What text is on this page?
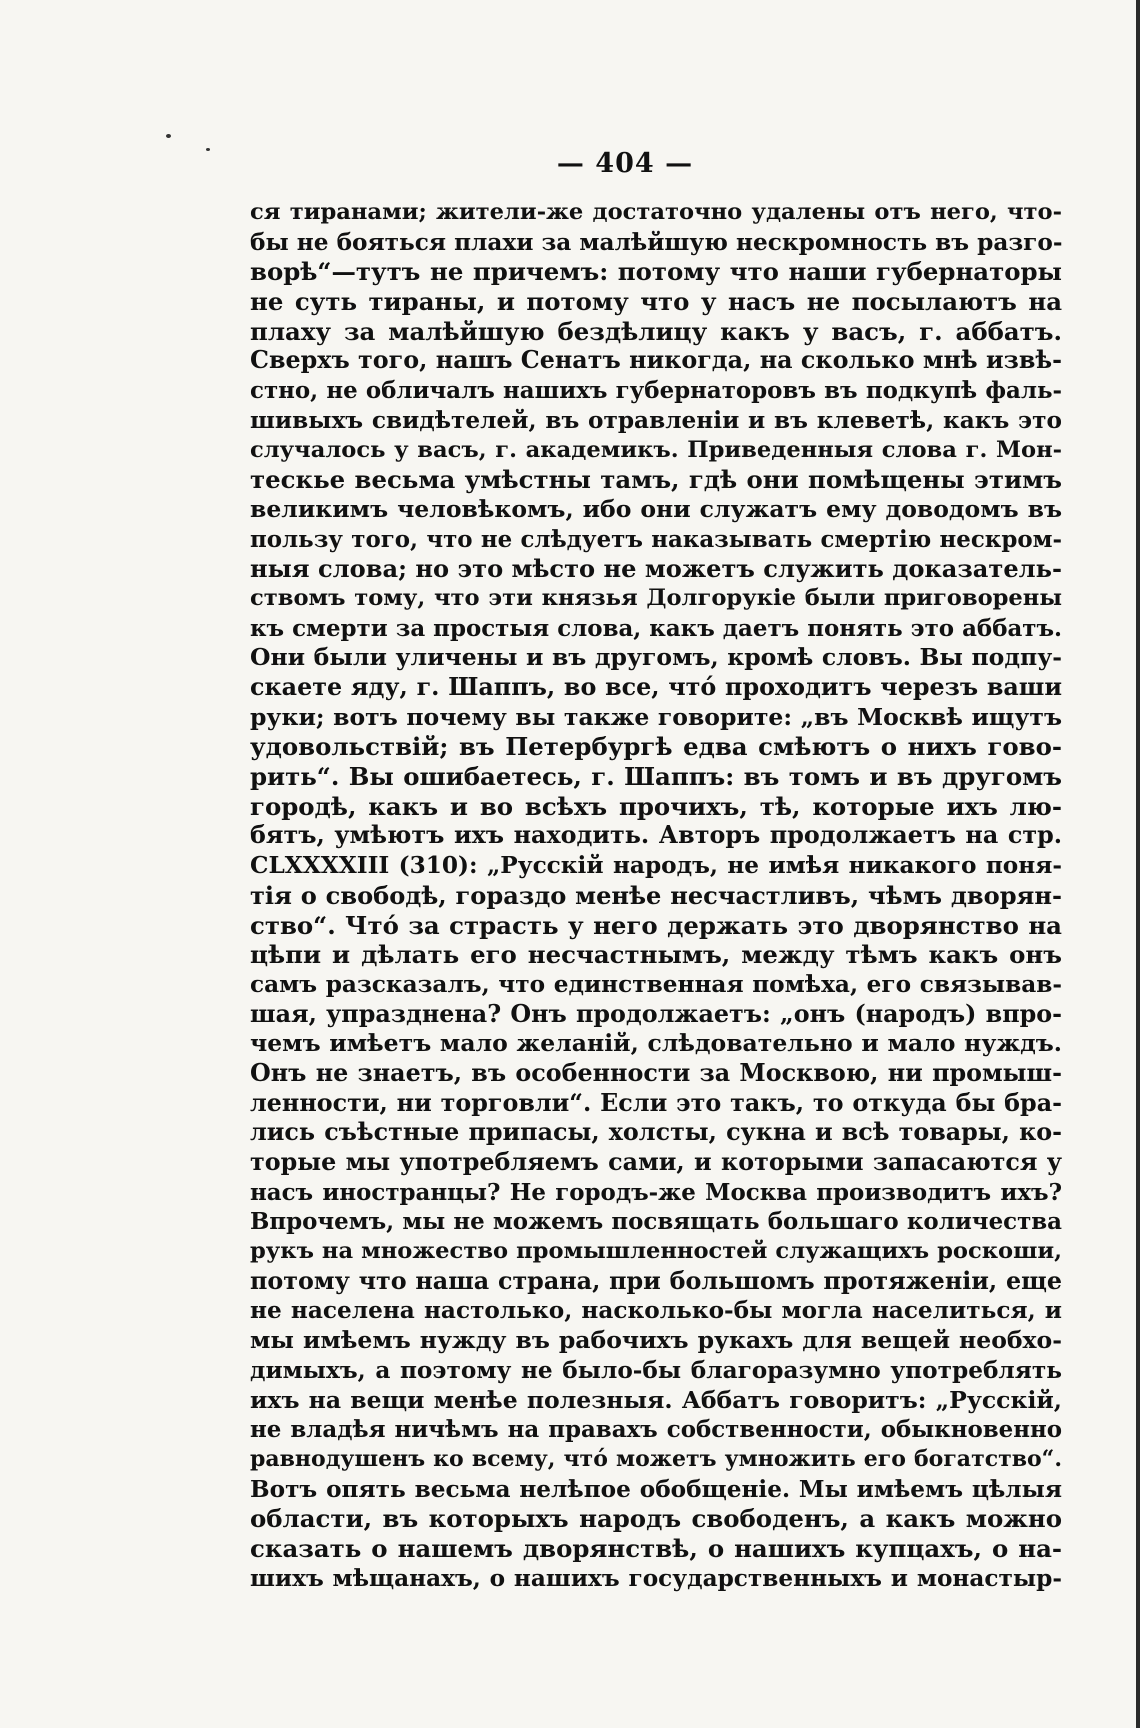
— 404 —
ся тиранами; жители-же достаточно удалены отъ него, что-
бы не бояться плахи за малѣйшую нескромность въ разго-
ворѣ“—тутъ не причемъ: потому что наши губернаторы
не суть тираны, и потому что у насъ не посылаютъ на
плаху за малѣйшую бездѣлицу какъ у васъ, г. аббатъ.
Сверхъ того, нашъ Сенатъ никогда, на сколько мнѣ извѣ-
стно, не обличалъ нашихъ губернаторовъ въ подкупѣ фаль-
шивыхъ свидѣтелей, въ отравленіи и въ клеветѣ, какъ это
случалось у васъ, г. академикъ. Приведенныя слова г. Мон-
тескье весьма умѣстны тамъ, гдѣ они помѣщены этимъ
великимъ человѣкомъ, ибо они служатъ ему доводомъ въ
пользу того, что не слѣдуетъ наказывать смертію нескром-
ныя слова; но это мѣсто не можетъ служить доказатель-
ствомъ тому, что эти князья Долгорукіе были приговорены
къ смерти за простыя слова, какъ даетъ понять это аббатъ.
Они были уличены и въ другомъ, кромѣ словъ. Вы подпу-
скаете яду, г. Шаппъ, во все, что́ проходитъ черезъ ваши
руки; вотъ почему вы также говорите: „въ Москвѣ ищутъ
удовольствій; въ Петербургѣ едва смѣютъ о нихъ гово-
рить“. Вы ошибаетесь, г. Шаппъ: въ томъ и въ другомъ
городѣ, какъ и во всѣхъ прочихъ, тѣ, которые ихъ лю-
бятъ, умѣютъ ихъ находить. Авторъ продолжаетъ на стр.
CLXXXXIII (310): „Русскій народъ, не имѣя никакого поня-
тія о свободѣ, гораздо менѣе несчастливъ, чѣмъ дворян-
ство“. Что́ за страсть у него держать это дворянство на
цѣпи и дѣлать его несчастнымъ, между тѣмъ какъ онъ
самъ разсказалъ, что единственная помѣха, его связывав-
шая, упразднена? Онъ продолжаетъ: „онъ (народъ) впро-
чемъ имѣетъ мало желаній, слѣдовательно и мало нуждъ.
Онъ не знаетъ, въ особенности за Москвою, ни промыш-
ленности, ни торговли“. Если это такъ, то откуда бы бра-
лись съѣстные припасы, холсты, сукна и всѣ товары, ко-
торые мы употребляемъ сами, и которыми запасаются у
насъ иностранцы? Не городъ-же Москва производитъ ихъ?
Впрочемъ, мы не можемъ посвящать большаго количества
рукъ на множество промышленностей служащихъ роскоши,
потому что наша страна, при большомъ протяженіи, еще
не населена настолько, насколько-бы могла населиться, и
мы имѣемъ нужду въ рабочихъ рукахъ для вещей необхо-
димыхъ, а поэтому не было-бы благоразумно употреблять
ихъ на вещи менѣе полезныя. Аббатъ говоритъ: „Русскій,
не владѣя ничѣмъ на правахъ собственности, обыкновенно
равнодушенъ ко всему, что́ можетъ умножить его богатство“.
Вотъ опять весьма нелѣпое обобщеніе. Мы имѣемъ цѣлыя
области, въ которыхъ народъ свободенъ, а какъ можно
сказать о нашемъ дворянствѣ, о нашихъ купцахъ, о на-
шихъ мѣщанахъ, о нашихъ государственныхъ и монастыр-
